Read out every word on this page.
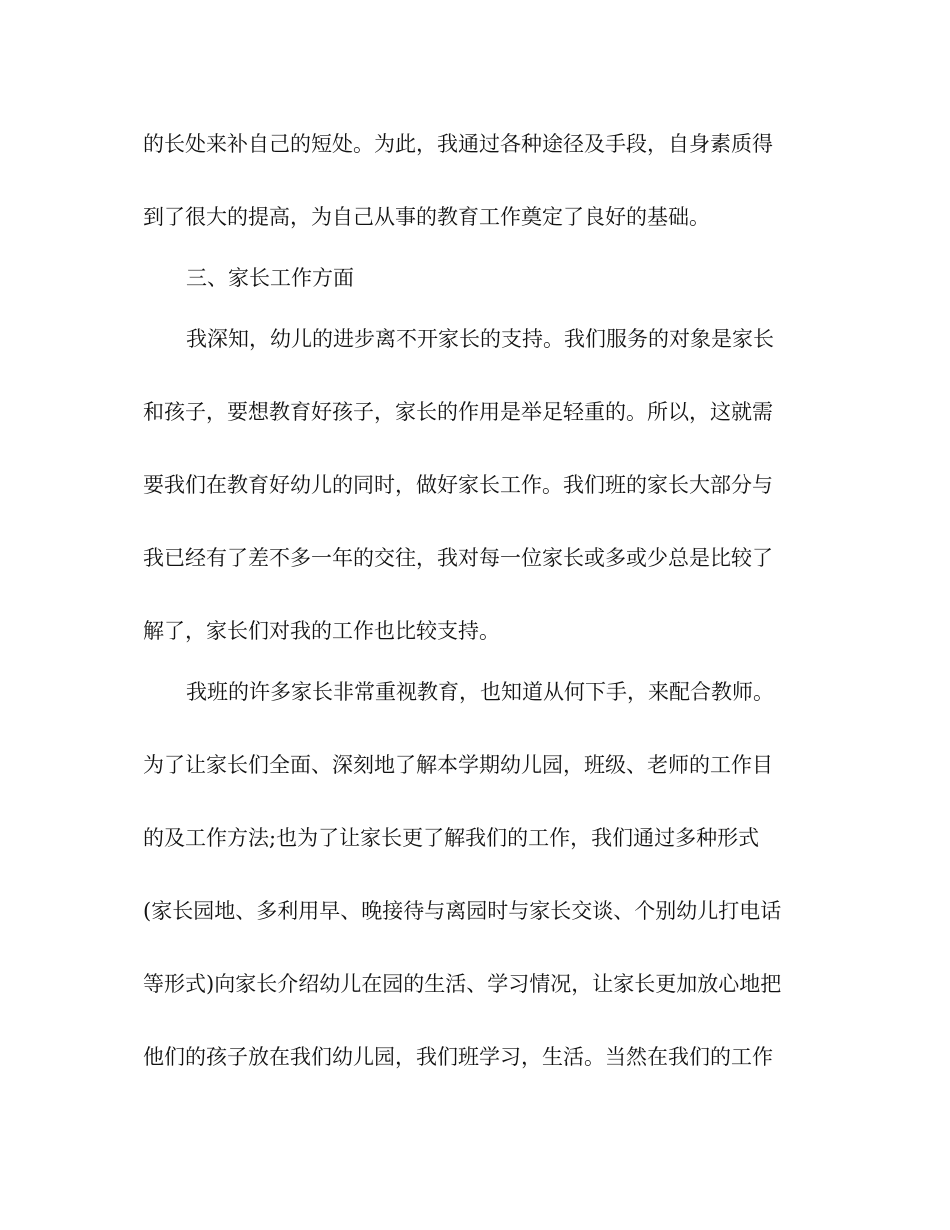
的长处来补自己的短处。为此，我通过各种途径及手段，自身素质得
到了很大的提高，为自己从事的教育工作奠定了良好的基础。
三、家长工作方面
我深知，幼儿的进步离不开家长的支持。我们服务的对象是家长
和孩子，要想教育好孩子，家长的作用是举足轻重的。所以，这就需
要我们在教育好幼儿的同时，做好家长工作。我们班的家长大部分与
我已经有了差不多一年的交往，我对每一位家长或多或少总是比较了
解了，家长们对我的工作也比较支持。
我班的许多家长非常重视教育，也知道从何下手，来配合教师。
为了让家长们全面、深刻地了解本学期幼儿园，班级、老师的工作目
的及工作方法;也为了让家长更了解我们的工作，我们通过多种形式
(家长园地、多利用早、晚接待与离园时与家长交谈、个别幼儿打电话
等形式)向家长介绍幼儿在园的生活、学习情况，让家长更加放心地把
他们的孩子放在我们幼儿园，我们班学习，生活。当然在我们的工作
